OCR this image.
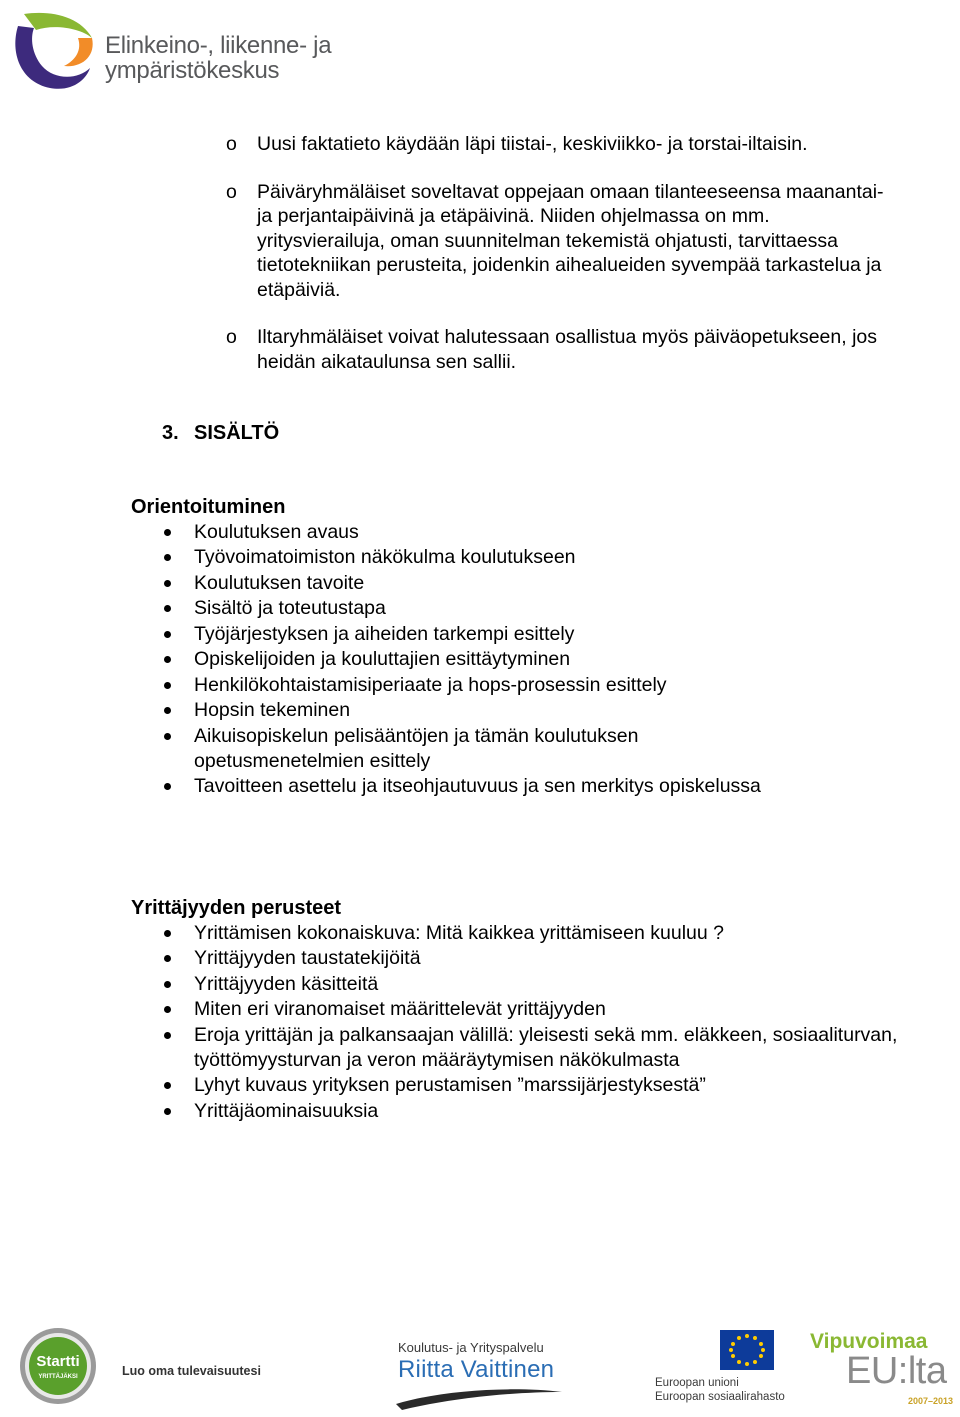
Elinkeino-, liikenne- ja
ympäristökeskus
o Uusi faktatieto käydään läpi tiistai-, keskiviikko- ja torstai-iltaisin.
o Päiväryhmäläiset soveltavat oppejaan omaan tilanteeseensa maanantai- ja perjantaipäivinä ja etäpäivinä. Niiden ohjelmassa on mm. yritysvierailuja, oman suunnitelman tekemistä ohjatusti, tarvittaessa tietotekniikan perusteita, joidenkin aihealueiden syvempää tarkastelua ja etäpäiviä.
o Iltaryhmäläiset voivat halutessaan osallistua myös päiväopetukseen, jos heidän aikataulunsa sen sallii.
3. SISÄLTÖ
Orientoituminen
Koulutuksen avaus
Työvoimatoimiston näkökulma koulutukseen
Koulutuksen tavoite
Sisältö ja toteutustapa
Työjärjestyksen ja aiheiden tarkempi esittely
Opiskelijoiden ja kouluttajien esittäytyminen
Henkilökohtaistamisiperiaate ja hops-prosessin esittely
Hopsin tekeminen
Aikuisopiskelun pelisääntöjen ja tämän koulutuksen opetusmenetelmien esittely
Tavoitteen asettelu ja itseohjautuvuus ja sen merkitys opiskelussa
Yrittäjyyden perusteet
Yrittämisen kokonaiskuva: Mitä kaikkea yrittämiseen kuuluu ?
Yrittäjyyden taustatekijöitä
Yrittäjyyden käsitteitä
Miten eri viranomaiset määrittelevät yrittäjyyden
Eroja yrittäjän ja palkansaajan välillä: yleisesti sekä mm. eläkkeen, sosiaaliturvan, työttömyysturvan ja veron määräytymisen näkökulmasta
Lyhyt kuvaus yrityksen perustamisen ”marssijärjestyksestä”
Yrittäjäominaisuuksia
Startti
YRITTÄJÄKSI	Luo oma tulevaisuutesi
Koulutus- ja Yrityspalvelu
Riitta Vaittinen	Euroopan unioni
Euroopan sosiaalirahasto
Vipuvoimaa
EU:lta
2007–2013
